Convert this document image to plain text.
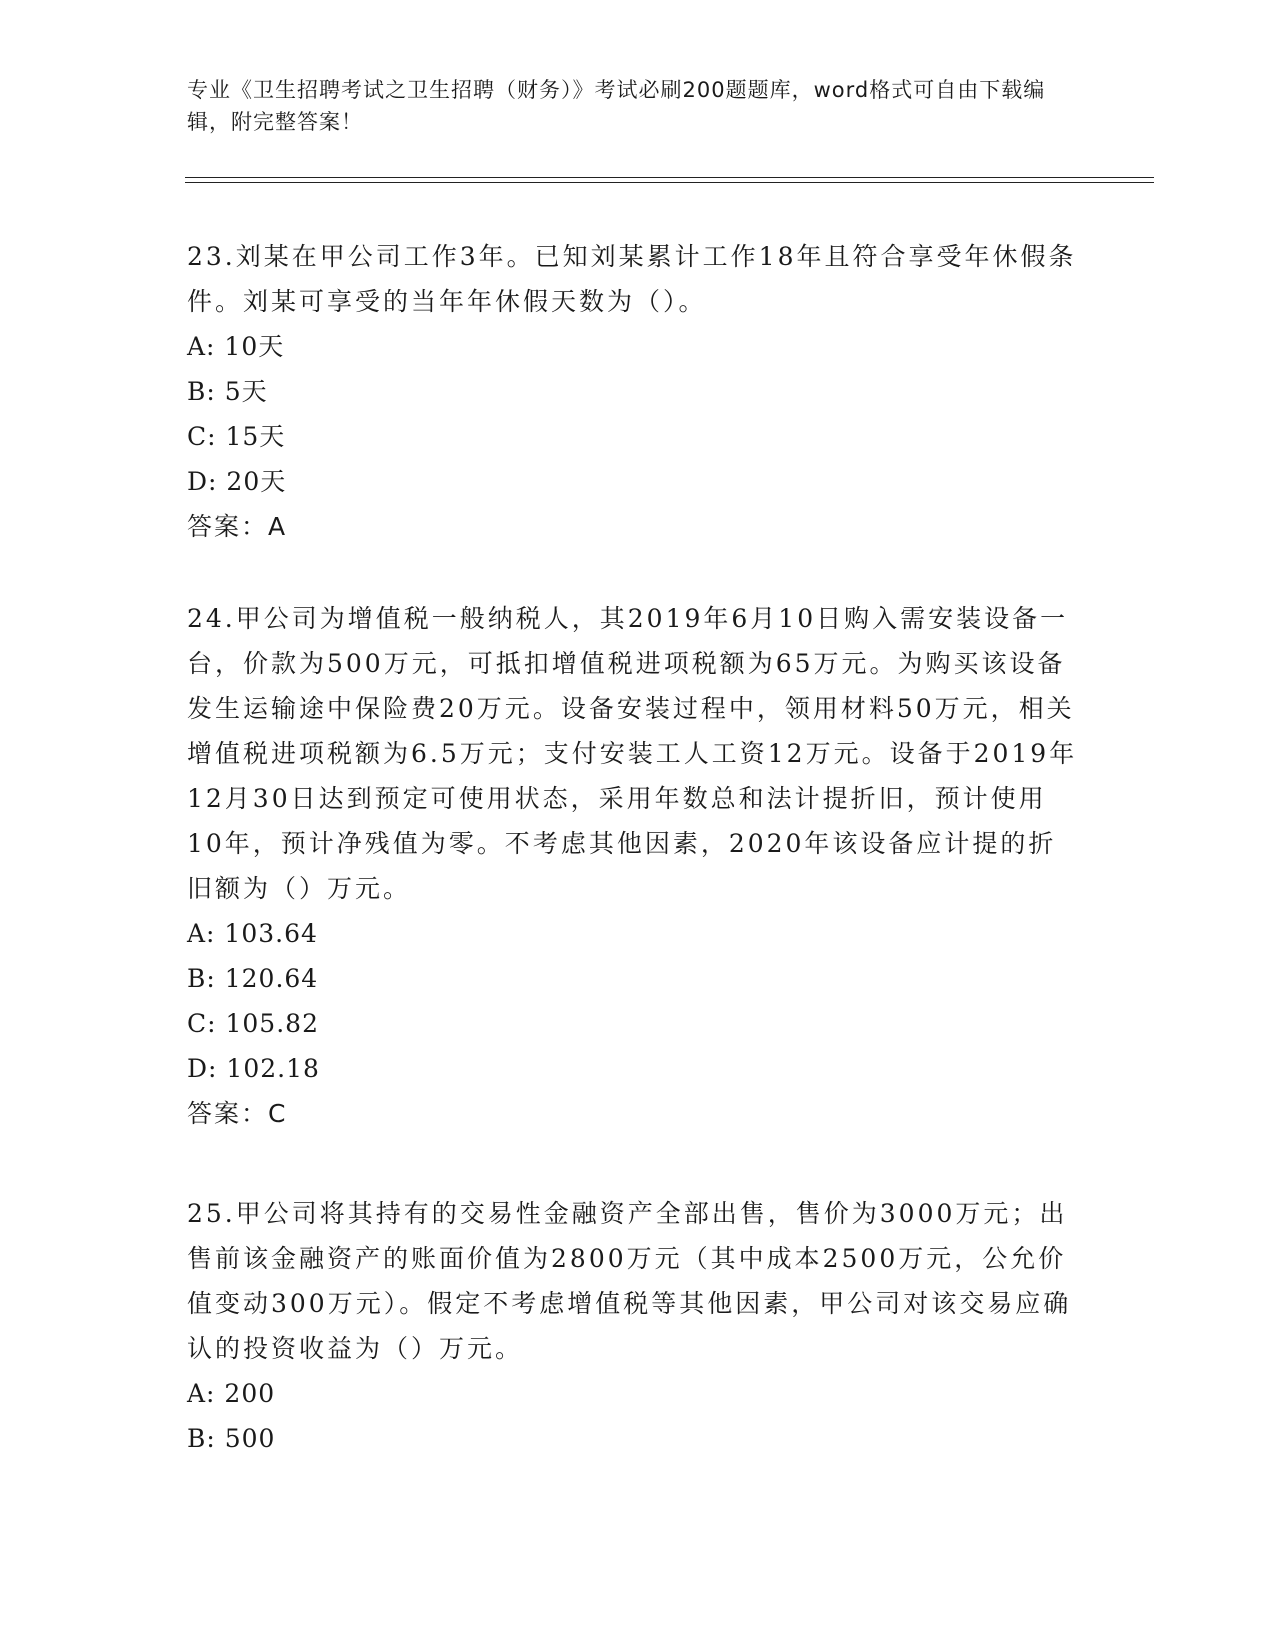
专业《卫生招聘考试之卫生招聘（财务）》考试必刷200题题库，word格式可自由下载编辑，附完整答案！

23.刘某在甲公司工作3年。已知刘某累计工作18年且符合享受年休假条件。刘某可享受的当年年休假天数为（）。

A: 10天

B: 5天

C: 15天

D: 20天

答案：A

24.甲公司为增值税一般纳税人，其2019年6月10日购入需安装设备一台，价款为500万元，可抵扣增值税进项税额为65万元。为购买该设备发生运输途中保险费20万元。设备安装过程中，领用材料50万元，相关增值税进项税额为6.5万元；支付安装工人工资12万元。设备于2019年12月30日达到预定可使用状态，采用年数总和法计提折旧，预计使用10年，预计净残值为零。不考虑其他因素，2020年该设备应计提的折旧额为（）万元。

A: 103.64

B: 120.64

C: 105.82

D: 102.18

答案：C

25.甲公司将其持有的交易性金融资产全部出售，售价为3000万元；出售前该金融资产的账面价值为2800万元（其中成本2500万元，公允价值变动300万元）。假定不考虑增值税等其他因素，甲公司对该交易应确认的投资收益为（）万元。

A: 200

B: 500
